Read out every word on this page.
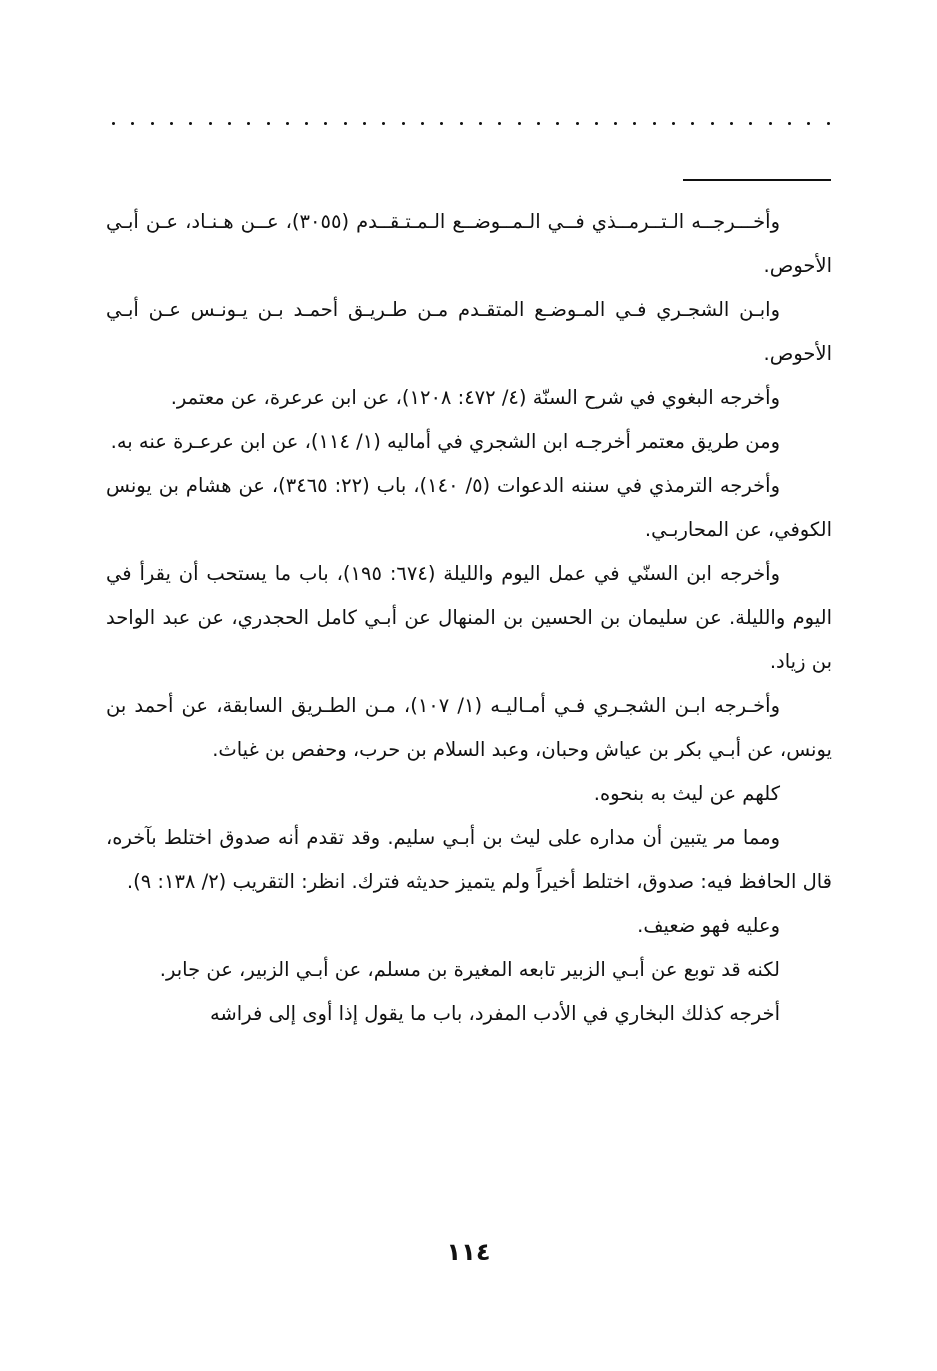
وأخـــرجــه الـتــرمــذي فــي الـمــوضــع الـمـتـقــدم (٣٠٥٥)، عــن هـنـاد، عـن أبـي الأحوص.

وابـن الشجـري فـي المـوضـع المتقـدم مـن طـريـق أحمـد بـن يـونـس عـن أبـي الأحوص.

وأخرجه البغوي في شرح السنّة (٤/ ٤٧٢: ١٢٠٨)، عن ابن عرعرة، عن معتمر.

ومن طريق معتمر أخرجـه ابن الشجري في أماليه (١/ ١١٤)، عن ابن عرعـرة عنه به.

وأخرجه الترمذي في سننه الدعوات (٥/ ١٤٠)، باب (٢٢: ٣٤٦٥)، عن هشام بن يونس الكوفي، عن المحاربـي.

وأخرجه ابن السنّي في عمل اليوم والليلة (٦٧٤: ١٩٥)، باب ما يستحب أن يقرأ في اليوم والليلة. عن سليمان بن الحسين بن المنهال عن أبـي كامل الحجدري، عن عبد الواحد بن زياد.

وأخـرجه ابـن الشجـري فـي أمـاليـه (١/ ١٠٧)، مـن الطـريق السابقة، عن أحمد بن يونس، عن أبـي بكر بن عياش وحبان، وعبد السلام بن حرب، وحفص بن غياث.

كلهم عن ليث به بنحوه.

ومما مر يتبين أن مداره على ليث بن أبـي سليم. وقد تقدم أنه صدوق اختلط بآخره، قال الحافظ فيه: صدوق، اختلط أخيراً ولم يتميز حديثه فترك. انظر: التقريب (٢/ ١٣٨: ٩).

وعليه فهو ضعيف.

لكنه قد توبع عن أبـي الزبير تابعه المغيرة بن مسلم، عن أبـي الزبير، عن جابر.

أخرجه كذلك البخاري في الأدب المفرد، باب ما يقول إذا أوى إلى فراشه

١١٤
